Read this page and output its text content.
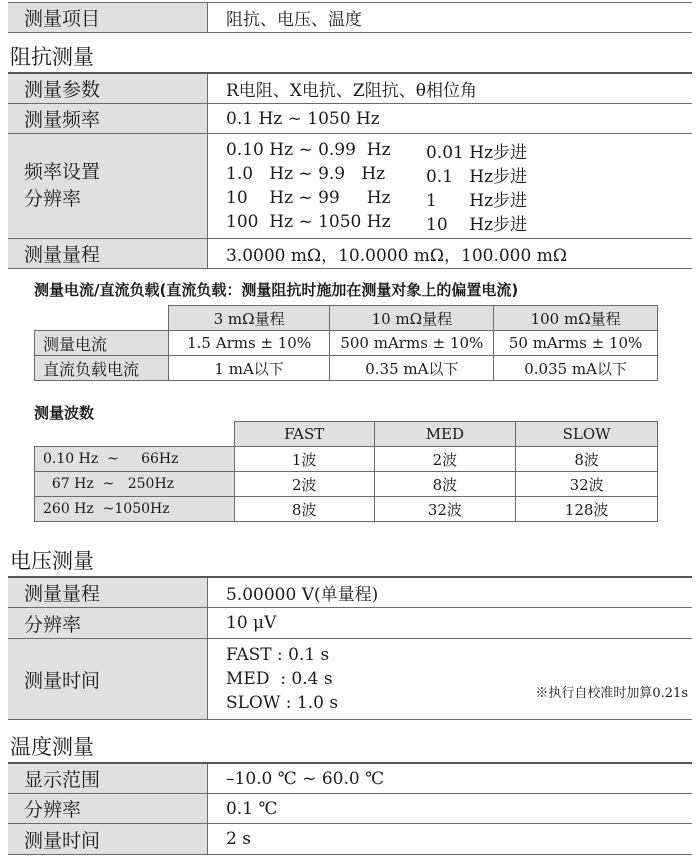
测量项目	阻抗、电压、温度
阻抗测量
测量参数	R电阻、X电抗、Z阻抗、θ相位角
测量频率	0.1 Hz ~ 1050 Hz
频率设置
分辨率
0.10 Hz ~ 0.99  Hz	0.01 Hz步进
1.0   Hz ~ 9.9   Hz	0.1   Hz步进
10    Hz ~ 99     Hz	1      Hz步进
100  Hz ~ 1050 Hz	10    Hz步进
测量量程	3.0000 mΩ，10.0000 mΩ，100.000 mΩ
测量电流/直流负载(直流负载：测量阻抗时施加在测量对象上的偏置电流)
	3 mΩ量程	10 mΩ量程	100 mΩ量程
测量电流	1.5 Arms ± 10%	500 mArms ± 10%	50 mArms ± 10%
直流负载电流	1 mA以下	0.35 mA以下	0.035 mA以下
测量波数
	FAST	MED	SLOW
0.10 Hz  ~     66Hz	1波	2波	8波
67 Hz  ~   250Hz	2波	8波	32波
260 Hz  ~1050Hz	8波	32波	128波
电压测量
测量量程	5.00000 V(单量程)
分辨率	10 μV
测量时间
FAST : 0.1 s
MED  : 0.4 s
SLOW : 1.0 s	※执行自校准时加算0.21s
温度测量
显示范围	–10.0 ℃ ~ 60.0 ℃
分辨率	0.1 ℃
测量时间	2 s
